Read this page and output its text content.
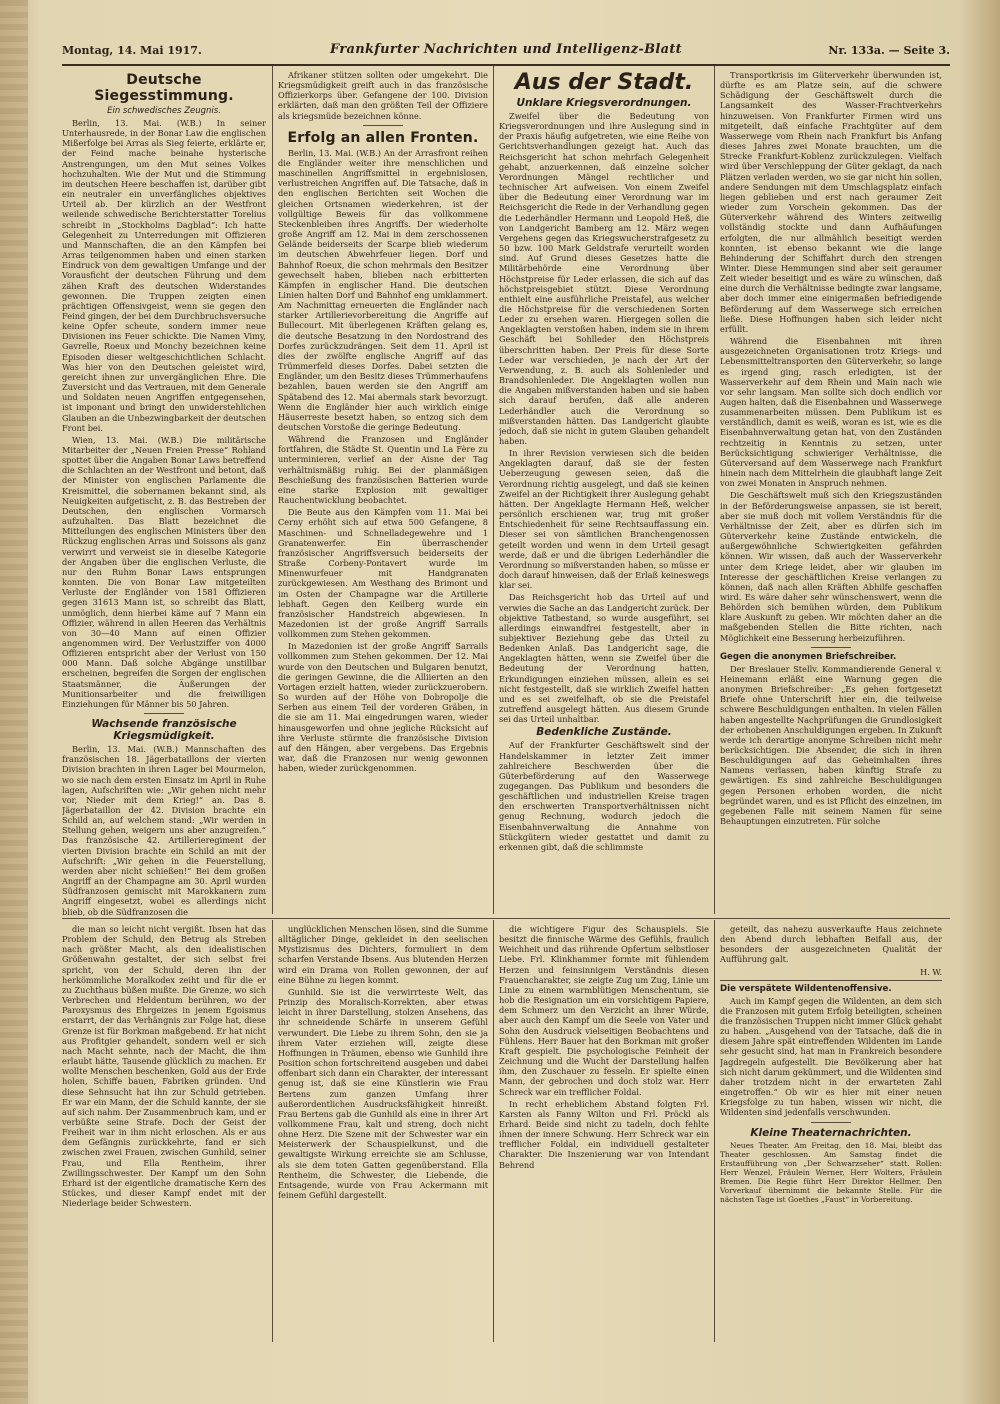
Montag, 14. Mai 1917.	Frankfurter Nachrichten und Intelligenz-Blatt	Nr. 133a. — Seite 3.
Deutsche Siegesstimmung.
Ein schwedisches Zeugnis.

Berlin, 13. Mai. (W.B.) In seiner Unterhausrede, in der Bonar Law die englischen Mißerfolge bei Arras als Sieg feierte, erklärte er, der Feind mache beinahe hysterische Anstrengungen, um den Mut seines Volkes hochzuhalten. Wie der Mut und die Stimmung im deutschen Heere beschaffen ist, darüber gibt ein neutraler ein unverfängliches objektives Urteil ab. Der kürzlich an der Westfront weilende schwedische Berichterstatter Torelius schreibt in „Stockholms Dagblad“: Ich hatte Gelegenheit zu Unterredungen mit Offizieren und Mannschaften, die an den Kämpfen bei Arras teilgenommen haben und einen starken Eindruck von dem gewaltigen Umfange und der Vorausficht der deutschen Führung und dem zähen Kraft des deutschen Widerstandes gewonnen. Die Truppen zeigten einen prächtigen Offensivgeist, wenn sie gegen den Feind gingen, der bei dem Durchbruchsversuche keine Opfer scheute, sondern immer neue Divisionen ins Feuer schickte. Die Namen Vimy, Gavrelle, Roeux und Monchy bezeichnen keine Episoden dieser weltgeschichtlichen Schlacht. Was hier von den Deutschen geleistet wird, gereicht ihnen zur unvergänglichen Ehre. Die Zuversicht und das Vertrauen, mit dem Generale und Soldaten neuen Angriffen entgegensehen, ist imponant und bringt den unwiderstehlichen Glauben an die Unbezwingbarkeit der deutschen Front bei.

Wien, 13. Mai. (W.B.) Die militärische Mitarbeiter der „Neuen Freien Presse“ Rohland spottet über die Angaben Bonar Laws betreffend die Schlachten an der Westfront und betont, daß der Minister von englischen Parlamente die Kreismittel, die sobernamen bekannt sind, als Neuigkeiten aufgetischt, z. B. das Bestreben der Deutschen, den englischen Vormarsch aufzuhalten. Das Blatt bezeichnet die Mitteilungen des englischen Ministers über den Rückzug englischen Arras und Soissons als ganz verwirrt und verweist sie in dieselbe Kategorie der Angaben über die englischen Verluste, die nur den Ruhm Bonar Laws entsprungen konnten. Die von Bonar Law mitgeteilten Verluste der Engländer von 1581 Offizieren gegen 31613 Mann ist, so schreibt das Blatt, unmöglich, denn hierbei käme auf 7 Mann ein Offizier, während in allen Heeren das Verhältnis von 30—40 Mann auf einen Offizier angenommen wird. Der Verlustziffer von 4000 Offizieren entspricht aber der Verlust von 150 000 Mann. Daß solche Abgänge unstillbar erscheinen, begreifen die Sorgen der englischen Staatsmänner, die Äußerungen der Munitionsarbeiter und die freiwilligen Einziehungen für Männer bis 50 Jahren.

Wachsende französische Kriegsmüdigkeit.

Berlin, 13. Mai. (W.B.) Mannschaften des französischen 18. Jägerbataillons der vierten Division brachten in ihren Lager bei Mourmelon, wo sie nach dem ersten Einsatz im April in Ruhe lagen, Aufschriften wie: „Wir gehen nicht mehr vor, Nieder mit dem Krieg!“ an. Das 8. Jägerbataillon der 42. Division brachte ein Schild an, auf welchem stand: „Wir werden in Stellung gehen, weigern uns aber anzugreifen.“ Das französische 42. Artillerieregiment der vierten Division brachte ein Schild an mit der Aufschrift: „Wir gehen in die Feuerstellung, werden aber nicht schießen!“ Bei dem großen Angriff an der Champagne am 30. April wurden Südfranzosen gemischt mit Marokkanern zum Angriff eingesetzt, wobei es allerdings nicht blieb, ob die Südfranzosen die

Afrikaner stützen sollten oder umgekehrt. Die Kriegsmüdigkeit greift auch in das französische Offizierkorps über. Gefangene der 100. Division erklärten, daß man den größten Teil der Offiziere als kriegsmüde bezeichnen könne.

Erfolg an allen Fronten.

Berlin, 13. Mai. (W.B.) An der Arrasfront reihen die Engländer weiter ihre menschlichen und maschinellen Angriffsmittel in ergebnislosen, verlustreichen Angriffen auf. Die Tatsache, daß in den englischen Berichten seit Wochen die gleichen Ortsnamen wiederkehren, ist der vollgültige Beweis für das vollkommene Steckenbleiben ihres Angriffs. Der wiederholte große Angriff am 12. Mai in dem zerschossenen Gelände beiderseits der Scarpe blieb wiederum im deutschen Abwehrfeuer liegen. Dorf und Bahnhof Roeux, die schon mehrmals den Besitzer gewechselt haben, blieben nach erbitterten Kämpfen in englischer Hand. Die deutschen Linien halten Dorf und Bahnhof eng umklammert. Am Nachmittag erneuerten die Engländer nach starker Artillerievorbereitung die Angriffe auf Bullecourt. Mit überlegenen Kräften gelang es, die deutsche Besatzung in den Nordostrand des Dorfes zurückzudrängen. Seit dem 11. April ist dies der zwölfte englische Angriff auf das Trümmerfeld dieses Dorfes. Dabei setzten die Engländer, um den Besitz dieses Trümmerhaufens bezahlen, bauen werden sie den Angriff am Spätabend des 12. Mai abermals stark bevorzugt. Wenn die Engländer hier auch wirklich einige Häuserreste besetzt haben, so entzog sich dem deutschen Vorstoße die geringe Bedeutung.

Während die Franzosen und Engländer fortfahren, die Städte St. Quentin und La Fère zu unterminieren, verlief an der Aisne der Tag verhältnismäßig ruhig. Bei der planmäßigen Beschießung des französischen Batterien wurde eine starke Explosion mit gewaltiger Rauchentwicklung beobachtet.

Die Beute aus den Kämpfen vom 11. Mai bei Cerny erhöht sich auf etwa 500 Gefangene, 8 Maschinen- und Schnelladegewehre und 1 Granatenwerfer. Ein überraschender französischer Angriffsversuch beiderseits der Straße Corbeny-Pontavert wurde im Minenwurfeuer mit Handgranaten zurückgewiesen. Am Westhang des Brimont und im Osten der Champagne war die Artillerie lebhaft. Gegen den Keilberg wurde ein französischer Handstreich abgewiesen. In Mazedonien ist der große Angriff Sarrails vollkommen zum Stehen gekommen.

In Mazedonien ist der große Angriff Sarrails vollkommen zum Stehen gekommen. Der 12. Mai wurde von den Deutschen und Bulgaren benutzt, die geringen Gewinne, die die Alliierten an den Vortagen erzielt hatten, wieder zurückzuerobern. So wurden auf der Höhe von Dobropolje die Serben aus einem Teil der vorderen Gräben, in die sie am 11. Mai eingedrungen waren, wieder hinausgeworfen und ohne jegliche Rücksicht auf ihre Verluste stürmte die französische Division auf den Hängen, aber vergebens. Das Ergebnis war, daß die Franzosen nur wenig gewonnen haben, wieder zurückgenommen.

Aus der Stadt.
Unklare Kriegsverordnungen.

Zweifel über die Bedeutung von Kriegsverordnungen und ihre Auslegung sind in der Praxis häufig aufgetreten, wie eine Reihe von Gerichtsverhandlungen gezeigt hat. Auch das Reichsgericht hat schon mehrfach Gelegenheit gehabt, anzuerkennen, daß einzelne solcher Verordnungen Mängel rechtlicher und technischer Art aufweisen. Von einem Zweifel über die Bedeutung einer Verordnung war im Reichsgericht die Rede in der Verhandlung gegen die Lederhändler Hermann und Leopold Heß, die von Landgericht Bamberg am 12. März wegen Vergehens gegen das Kriegswucherstrafgesetz zu 50 bzw. 100 Mark Geldstrafe verurteilt worden sind. Auf Grund dieses Gesetzes hatte die Militärbehörde eine Verordnung über Höchstpreise für Leder erlassen, die sich auf das höchstpreisgebiet stützt. Diese Verordnung enthielt eine ausführliche Preistafel, aus welcher die Höchstpreise für die verschiedenen Sorten Leder zu ersehen waren. Hiergegen sollen die Angeklagten verstoßen haben, indem sie in ihrem Geschäft bei Sohlleder den Höchstpreis überschritten haben. Der Preis für diese Sorte Leder war verschieden, je nach der Art der Verwendung, z. B. auch als Sohlenleder und Brandsohlenleder. Die Angeklagten wollen nun die Angaben mißverstanden haben und sie haben sich darauf berufen, daß alle anderen Lederhändler auch die Verordnung so mißverstanden hätten. Das Landgericht glaubte jedoch, daß sie nicht in gutem Glauben gehandelt haben.

In ihrer Revision verwiesen sich die beiden Angeklagten darauf, daß sie der festen Ueberzeugung gewesen seien, daß die Verordnung richtig ausgelegt, und daß sie keinen Zweifel an der Richtigkeit ihrer Auslegung gehabt hätten. Der Angeklagte Hermann Heß, welcher persönlich erschienen war, trug mit großer Entschiedenheit für seine Rechtsauffassung ein. Dieser sei von sämtlichen Branchengenossen geteilt worden und wenn in dem Urteil gesagt werde, daß er und die übrigen Lederhändler die Verordnung so mißverstanden haben, so müsse er doch darauf hinweisen, daß der Erlaß keineswegs klar sei.

Das Reichsgericht hob das Urteil auf und verwies die Sache an das Landgericht zurück. Der objektive Tatbestand, so wurde ausgeführt, sei allerdings einwandfrei festgestellt, aber in subjektiver Beziehung gebe das Urteil zu Bedenken Anlaß. Das Landgericht sage, die Angeklagten hätten, wenn sie Zweifel über die Bedeutung der Verordnung hatten, Erkundigungen einziehen müssen, allein es sei nicht festgestellt, daß sie wirklich Zweifel hatten und es sei zweifelhaft, ob sie die Preistafel zutreffend ausgelegt hätten. Aus diesem Grunde sei das Urteil unhaltbar.

Bedenkliche Zustände.

Auf der Frankfurter Geschäftswelt sind der Handelskammer in letzter Zeit immer zahlreichere Beschwerden über die Güterbeförderung auf den Wasserwege zugegangen. Das Publikum und besonders die geschäftlichen und industriellen Kreise tragen den erschwerten Transportverhältnissen nicht genug Rechnung, wodurch jedoch die Eisenbahnverwaltung die Annahme von Stückgütern wieder gestattet und damit zu erkennen gibt, daß die schlimmste

Transportkrisis im Güterverkehr überwunden ist, dürfte es am Platze sein, auf die schwere Schädigung der Geschäftswelt durch die Langsamkeit des Wasser-Frachtverkehrs hinzuweisen. Von Frankfurter Firmen wird uns mitgeteilt, daß einfache Frachtgüter auf dem Wasserwege vom Rhein nach Frankfurt bis Anfang dieses Jahres zwei Monate brauchten, um die Strecke Frankfurt-Koblenz zurückzulegen. Vielfach wird über Verschleppung der Güter geklagt, da nach Plätzen verladen werden, wo sie gar nicht hin sollen, andere Sendungen mit dem Umschlagsplatz einfach liegen geblieben und erst nach geraumer Zeit wieder zum Vorschein gekommen. Das der Güterverkehr während des Winters zeitweilig vollständig stockte und dann Aufhäufungen erfolgten, die nur allmählich beseitigt werden konnten, ist ebenso bekannt wie die lange Behinderung der Schiffahrt durch den strengen Winter. Diese Hemmungen sind aber seit geraumer Zeit wieder beseitigt und es wäre zu wünschen, daß eine durch die Verhältnisse bedingte zwar langsame, aber doch immer eine einigermaßen befriedigende Beförderung auf dem Wasserwege sich erreichen ließe. Diese Hoffnungen haben sich leider nicht erfüllt.

Während die Eisenbahnen mit ihren ausgezeichneten Organisationen trotz Kriegs- und Lebensmitteltransporten den Güterverkehr, so lange es irgend ging, rasch erledigten, ist der Wasserverkehr auf dem Rhein und Main nach wie vor sehr langsam. Man sollte sich doch endlich vor Augen halten, daß die Eisenbahnen und Wasserwege zusammenarbeiten müssen. Dem Publikum ist es verständlich, damit es weiß, woran es ist, wie es die Eisenbahnverwaltung getan hat, von den Zuständen rechtzeitig in Kenntnis zu setzen, unter Berücksichtigung schwieriger Verhältnisse, die Güterversand auf dem Wasserwege nach Frankfurt hinein nach dem Mittelrhein die glaubhaft lange Zeit von zwei Monaten in Anspruch nehmen.

Die Geschäftswelt muß sich den Kriegszuständen in der Beförderungsweise anpassen, sie ist bereit, aber sie muß doch mit vollem Verständnis für die Verhältnisse der Zeit, aber es dürfen sich im Güterverkehr keine Zustände entwickeln, die außergewöhnliche Schwierigkeiten gefährden können. Wir wissen, daß auch der Wasserverkehr unter dem Kriege leidet, aber wir glauben im Interesse der geschäftlichen Kreise verlangen zu können, daß nach allen Kräften Abhilfe geschaffen wird. Es wäre daher sehr wünschenswert, wenn die Behörden sich bemühen würden, dem Publikum klare Auskunft zu geben. Wir möchten daher an die maßgebenden Stellen die Bitte richten, nach Möglichkeit eine Besserung herbeizuführen.

Gegen die anonymen Briefschreiber.

Der Breslauer Stellv. Kommandierende General v. Heinemann erläßt eine Warnung gegen die anonymen Briefschreiber: „Es gehen fortgesetzt Briefe ohne Unterschrift hier ein, die teilweise schwere Beschuldigungen enthalten. In vielen Fällen haben angestellte Nachprüfungen die Grundlosigkeit der erhobenen Anschuldigungen ergeben. In Zukunft werde ich derartige anonyme Schreiben nicht mehr berücksichtigen. Die Absender, die sich in ihren Beschuldigungen auf das Geheimhalten ihres Namens verlassen, haben künftig Strafe zu gewärtigen. Es sind zahlreiche Beschuldigungen gegen Personen erhoben worden, die nicht begründet waren, und es ist Pflicht des einzelnen, im gegebenen Falle mit seinem Namen für seine Behauptungen einzutreten. Für solche

die man so leicht nicht vergißt. Ibsen hat das Problem der Schuld, den Betrug als Streben nach größter Macht, als den idealistischen Größenwahn gestaltet, der sich selbst frei spricht, von der Schuld, deren ihn der herkömmliche Moralkodex zeiht und für die er zu Zuchthaus büßen mußte. Die Grenze, wo sich Verbrechen und Heldentum berühren, wo der Paroxysmus des Ehrgeizes in jenem Egoismus erstarrt, der das Verhängnis zur Folge hat, diese Grenze ist für Borkman maßgebend. Er hat nicht aus Profitgier gehandelt, sondern weil er sich nach Macht sehnte, nach der Macht, die ihm erlaubt hätte, Tausende glücklich zu machen. Er wollte Menschen beschenken, Gold aus der Erde holen, Schiffe bauen, Fabriken gründen. Und diese Sehnsucht hat ihn zur Schuld getrieben. Er war ein Mann, der die Schuld kannte, der sie auf sich nahm. Der Zusammenbruch kam, und er verbüßte seine Strafe. Doch der Geist der Freiheit war in ihm nicht erloschen. Als er aus dem Gefängnis zurückkehrte, fand er sich zwischen zwei Frauen, zwischen Gunhild, seiner Frau, und Ella Rentheim, ihrer Zwillingsschwester. Der Kampf um den Sohn Erhard ist der eigentliche dramatische Kern des Stückes, und dieser Kampf endet mit der Niederlage beider Schwestern.

unglücklichen Menschen lösen, sind die Summe alltäglicher Dinge, gekleidet in den seelischen Mystizismus des Dichters, formuliert in dem scharfen Verstande Ibsens. Aus blutenden Herzen wird ein Drama von Rollen gewonnen, der auf eine Bühne zu liegen kommt.

Gunhild. Sie ist die verwirrteste Welt, das Prinzip des Moralisch-Korrekten, aber etwas leicht in ihrer Darstellung, stolzen Ansehens, das ihr schneidende Schärfe in unserem Gefühl verwundert. Die Liebe zu ihrem Sohn, den sie ja ihrem Vater erziehen will, zeigte diese Hoffnungen in Träumen, ebenso wie Gunhild ihre Position schon fortschreitend ausgeben und dabei offenbart sich dann ein Charakter, der interessant genug ist, daß sie eine Künstlerin wie Frau Bertens zum ganzen Umfang ihrer außerordentlichen Ausdrucksfähigkeit hinreißt. Frau Bertens gab die Gunhild als eine in ihrer Art vollkommene Frau, kalt und streng, doch nicht ohne Herz. Die Szene mit der Schwester war ein Meisterwerk der Schauspielkunst, und die gewaltigste Wirkung erreichte sie am Schlusse, als sie dem toten Gatten gegenüberstand. Ella Rentheim, die Schwester, die Liebende, die Entsagende, wurde von Frau Ackermann mit feinem Gefühl dargestellt.

die wichtigere Figur des Schauspiels. Sie besitzt die finnische Wärme des Gefühls, fraulich Weichheit und das rührende Opfertum selbstloser Liebe. Frl. Klinkhammer formte mit fühlendem Herzen und feinsinnigem Verständnis diesen Frauencharakter, sie zeigte Zug um Zug, Linie um Linie zu einem warmblütigen Menschentum, sie hob die Resignation um ein vorsichtigem Papiere, dem Schmerz um den Verzicht an ihrer Würde, aber auch den Kampf um die Seele von Vater und Sohn den Ausdruck vielseitigen Beobachtens und Fühlens. Herr Bauer hat den Borkman mit großer Kraft gespielt. Die psychologische Feinheit der Zeichnung und die Wucht der Darstellung halfen ihm, den Zuschauer zu fesseln. Er spielte einen Mann, der gebrochen und doch stolz war. Herr Schreck war ein trefflicher Foldal.

In recht erheblichem Abstand folgten Frl. Karsten als Fanny Wilton und Frl. Pröckl als Erhard. Beide sind nicht zu tadeln, doch fehlte ihnen der innere Schwung. Herr Schreck war ein trefflicher Foldal, ein individuell gestalteter Charakter. Die Inszenierung war von Intendant Behrend

geteilt, das nahezu ausverkaufte Haus zeichnete den Abend durch lebhaften Beifall aus, der besonders der ausgezeichneten Qualität der Aufführung galt.

H. W.
Die verspätete Wildentenoffensive.

Auch im Kampf gegen die Wildenten, an dem sich die Franzosen mit gutem Erfolg beteiligten, scheinen die französischen Truppen nicht immer Glück gehabt zu haben. „Ausgehend von der Tatsache, daß die in diesem Jahre spät eintreffenden Wildenten im Lande sehr gesucht sind, hat man in Frankreich besondere Jagdregeln aufgestellt. Die Bevölkerung aber hat sich nicht darum gekümmert, und die Wildenten sind daher trotzdem nicht in der erwarteten Zahl eingetroffen.“ Ob wir es hier mit einer neuen Kriegsfolge zu tun haben, wissen wir nicht, die Wildenten sind jedenfalls verschwunden.

Kleine Theaternachrichten.

Neues Theater. Am Freitag, den 18. Mai, bleibt das Theater geschlossen. Am Samstag findet die Erstaufführung von „Der Schwarzseher“ statt. Rollen: Herr Wenzel, Fräulein Werner, Herr Wolters, Fräulein Bremen. Die Regie führt Herr Direktor Hellmer. Den Vorverkauf übernimmt die bekannte Stelle. Für die nächsten Tage ist Goethes „Faust“ in Vorbereitung.
